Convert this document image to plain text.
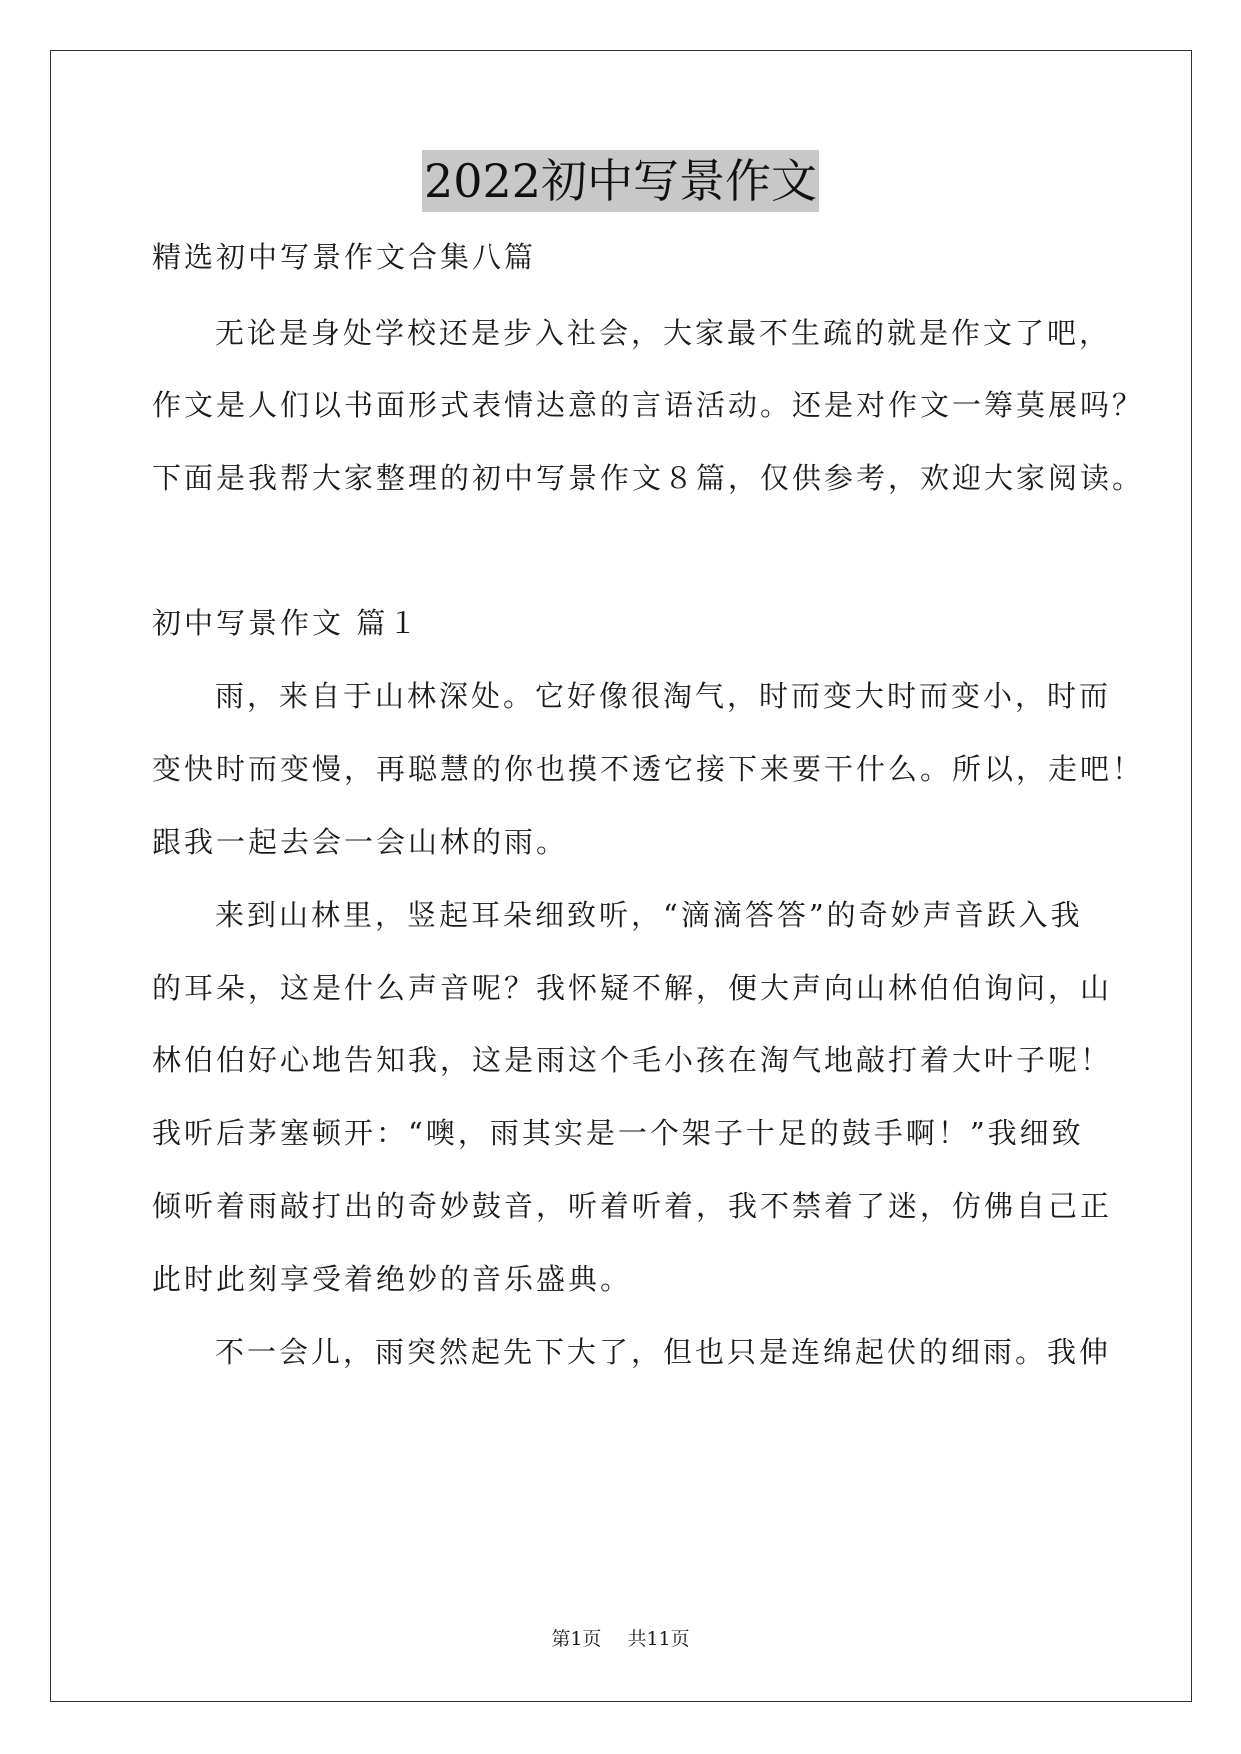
2022初中写景作文
精选初中写景作文合集八篇
无论是身处学校还是步入社会，大家最不生疏的就是作文了吧，
作文是人们以书面形式表情达意的言语活动。还是对作文一筹莫展吗？
下面是我帮大家整理的初中写景作文８篇，仅供参考，欢迎大家阅读。
初中写景作文 篇１
雨，来自于山林深处。它好像很淘气，时而变大时而变小，时而
变快时而变慢，再聪慧的你也摸不透它接下来要干什么。所以，走吧！
跟我一起去会一会山林的雨。
来到山林里，竖起耳朵细致听，“滴滴答答”的奇妙声音跃入我
的耳朵，这是什么声音呢？我怀疑不解，便大声向山林伯伯询问，山
林伯伯好心地告知我，这是雨这个毛小孩在淘气地敲打着大叶子呢！
我听后茅塞顿开：“噢，雨其实是一个架子十足的鼓手啊！”我细致
倾听着雨敲打出的奇妙鼓音，听着听着，我不禁着了迷，仿佛自己正
此时此刻享受着绝妙的音乐盛典。
不一会儿，雨突然起先下大了，但也只是连绵起伏的细雨。我伸
第1页 共11页
